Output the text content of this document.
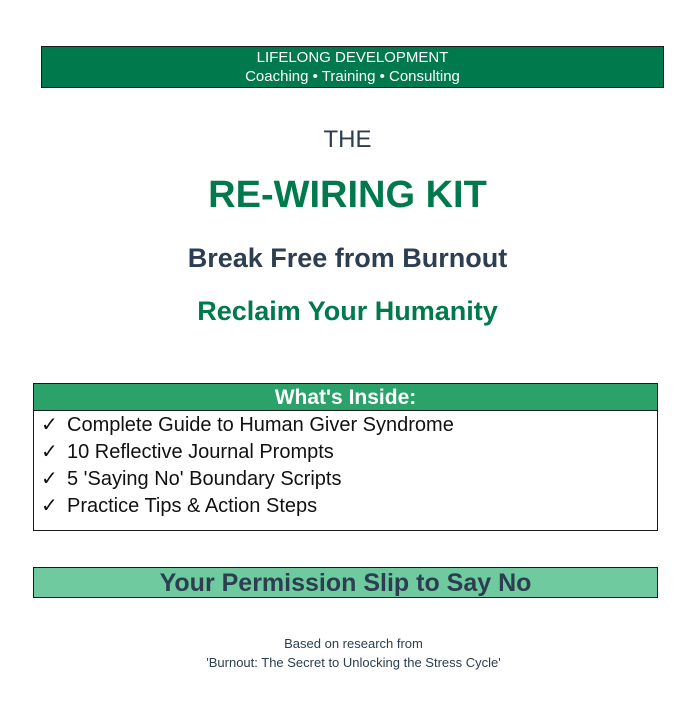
LIFELONG DEVELOPMENT
Coaching • Training • Consulting
THE
RE-WIRING KIT
Break Free from Burnout
Reclaim Your Humanity
What's Inside:
✓ Complete Guide to Human Giver Syndrome
✓ 10 Reflective Journal Prompts
✓ 5 'Saying No' Boundary Scripts
✓ Practice Tips & Action Steps
Your Permission Slip to Say No
Based on research from
'Burnout: The Secret to Unlocking the Stress Cycle'
